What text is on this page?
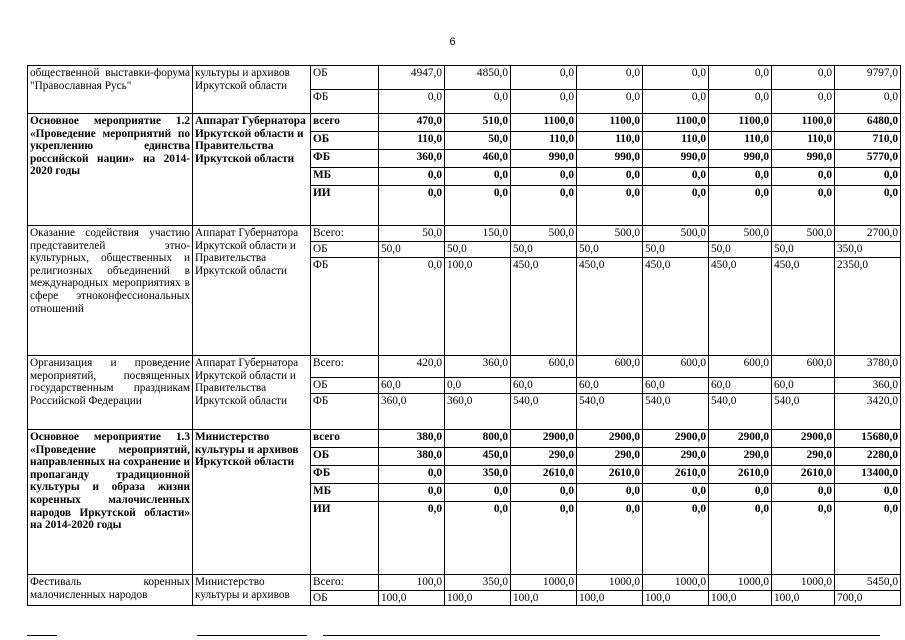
6
общественной выставки-форума "Православная Русь"	культуры и архивов Иркутской области	ОБ	4947,0	4850,0	0,0	0,0	0,0	0,0	0,0	9797,0
		ФБ	0,0	0,0	0,0	0,0	0,0	0,0	0,0	0,0
Основное мероприятие 1.2 «Проведение мероприятий по укреплению единства российской нации» на 2014-2020 годы	Аппарат Губернатора Иркутской области и Правительства Иркутской области	всего	470,0	510,0	1100,0	1100,0	1100,0	1100,0	1100,0	6480,0
		ОБ	110,0	50,0	110,0	110,0	110,0	110,0	110,0	710,0
		ФБ	360,0	460,0	990,0	990,0	990,0	990,0	990,0	5770,0
		МБ	0,0	0,0	0,0	0,0	0,0	0,0	0,0	0,0
		ИИ	0,0	0,0	0,0	0,0	0,0	0,0	0,0	0,0
Оказание содействия участию представителей этно-культурных, общественных и религиозных объединений в международных мероприятиях в сфере этноконфессиональных отношений	Аппарат Губернатора Иркутской области и Правительства Иркутской области	Всего:	50,0	150,0	500,0	500,0	500,0	500,0	500,0	2700,0
		ОБ	50,0	50,0	50,0	50,0	50,0	50,0	50,0	350,0
		ФБ	0,0	100,0	450,0	450,0	450,0	450,0	450,0	2350,0
Организация и проведение мероприятий, посвященных государственным праздникам Российской Федерации	Аппарат Губернатора Иркутской области и Правительства Иркутской области	Всего:	420,0	360,0	600,0	600,0	600,0	600,0	600,0	3780,0
		ОБ	60,0	0,0	60,0	60,0	60,0	60,0	60,0	360,0
		ФБ	360,0	360,0	540,0	540,0	540,0	540,0	540,0	3420,0
Основное мероприятие 1.3 «Проведение мероприятий, направленных на сохранение и пропаганду традиционной культуры и образа жизни коренных малочисленных народов Иркутской области» на 2014-2020 годы	Министерство культуры и архивов Иркутской области	всего	380,0	800,0	2900,0	2900,0	2900,0	2900,0	2900,0	15680,0
		ОБ	380,0	450,0	290,0	290,0	290,0	290,0	290,0	2280,0
		ФБ	0,0	350,0	2610,0	2610,0	2610,0	2610,0	2610,0	13400,0
		МБ	0,0	0,0	0,0	0,0	0,0	0,0	0,0	0,0
		ИИ	0,0	0,0	0,0	0,0	0,0	0,0	0,0	0,0
Фестиваль коренных малочисленных народов	Министерство культуры и архивов	Всего:	100,0	350,0	1000,0	1000,0	1000,0	1000,0	1000,0	5450,0
		ОБ	100,0	100,0	100,0	100,0	100,0	100,0	100,0	700,0
